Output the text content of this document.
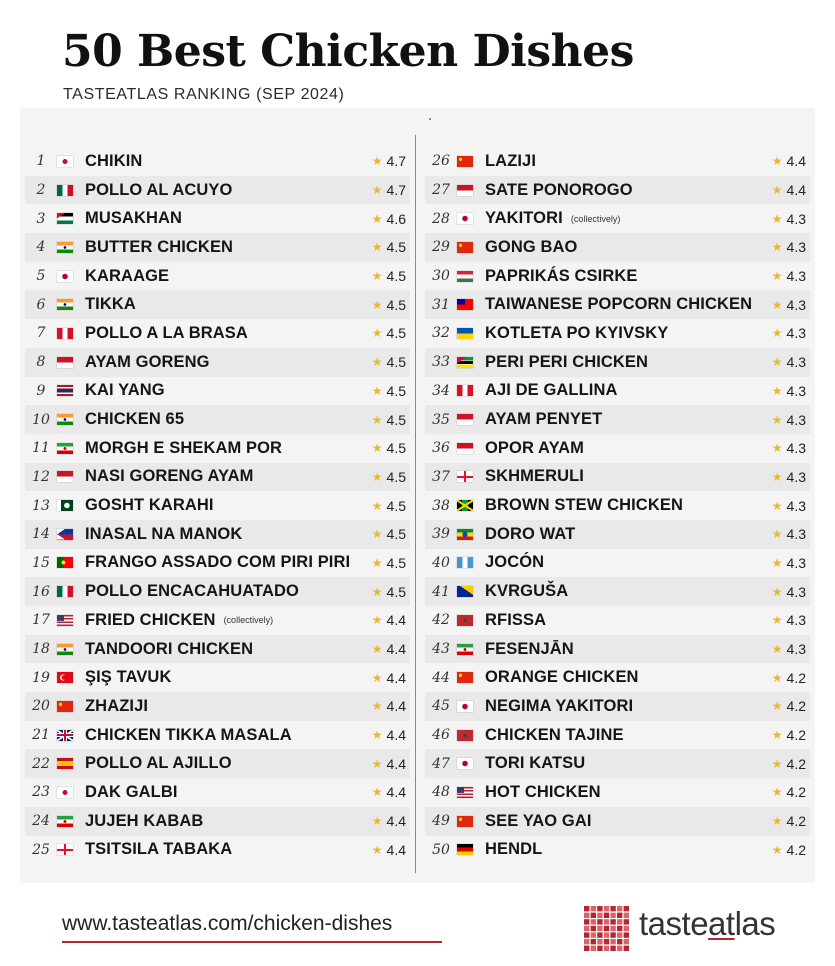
50 Best Chicken Dishes
TASTEATLAS RANKING (SEP 2024)
1	CHIKIN	★ 4.7
2	POLLO AL ACUYO	★ 4.7
3	MUSAKHAN	★ 4.6
4	BUTTER CHICKEN	★ 4.5
5	KARAAGE	★ 4.5
6	TIKKA	★ 4.5
7	POLLO A LA BRASA	★ 4.5
8	AYAM GORENG	★ 4.5
9	KAI YANG	★ 4.5
10	CHICKEN 65	★ 4.5
11	MORGH E SHEKAM POR	★ 4.5
12	NASI GORENG AYAM	★ 4.5
13	GOSHT KARAHI	★ 4.5
14	INASAL NA MANOK	★ 4.5
15	FRANGO ASSADO COM PIRI PIRI ★ 4.5
16	POLLO ENCACAHUATADO	★ 4.5
17	FRIED CHICKEN (collectively)	★ 4.4
18	TANDOORI CHICKEN	★ 4.4
19	ŞIŞ TAVUK	★ 4.4
20	ZHAZIJI	★ 4.4
21	CHICKEN TIKKA MASALA	★ 4.4
22	POLLO AL AJILLO	★ 4.4
23	DAK GALBI	★ 4.4
24	JUJEH KABAB	★ 4.4
25	TSITSILA TABAKA	★ 4.4
26	LAZIJI	★ 4.4
27	SATE PONOROGO	★ 4.4
28	YAKITORI (collectively)	★ 4.3
29	GONG BAO	★ 4.3
30	PAPRIKÁS CSIRKE	★ 4.3
31	TAIWANESE POPCORN CHICKEN ★ 4.3
32	KOTLETA PO KYIVSKY	★ 4.3
33	PERI PERI CHICKEN	★ 4.3
34	AJI DE GALLINA	★ 4.3
35	AYAM PENYET	★ 4.3
36	OPOR AYAM	★ 4.3
37	SKHMERULI	★ 4.3
38	BROWN STEW CHICKEN	★ 4.3
39	DORO WAT	★ 4.3
40	JOCÓN	★ 4.3
41	KVRGUŠA	★ 4.3
42	RFISSA	★ 4.3
43	FESENJĀN	★ 4.3
44	ORANGE CHICKEN	★ 4.2
45	NEGIMA YAKITORI	★ 4.2
46	CHICKEN TAJINE	★ 4.2
47	TORI KATSU	★ 4.2
48	HOT CHICKEN	★ 4.2
49	SEE YAO GAI	★ 4.2
50	HENDL	★ 4.2
www.tasteatlas.com/chicken-dishes	tasteatlas
